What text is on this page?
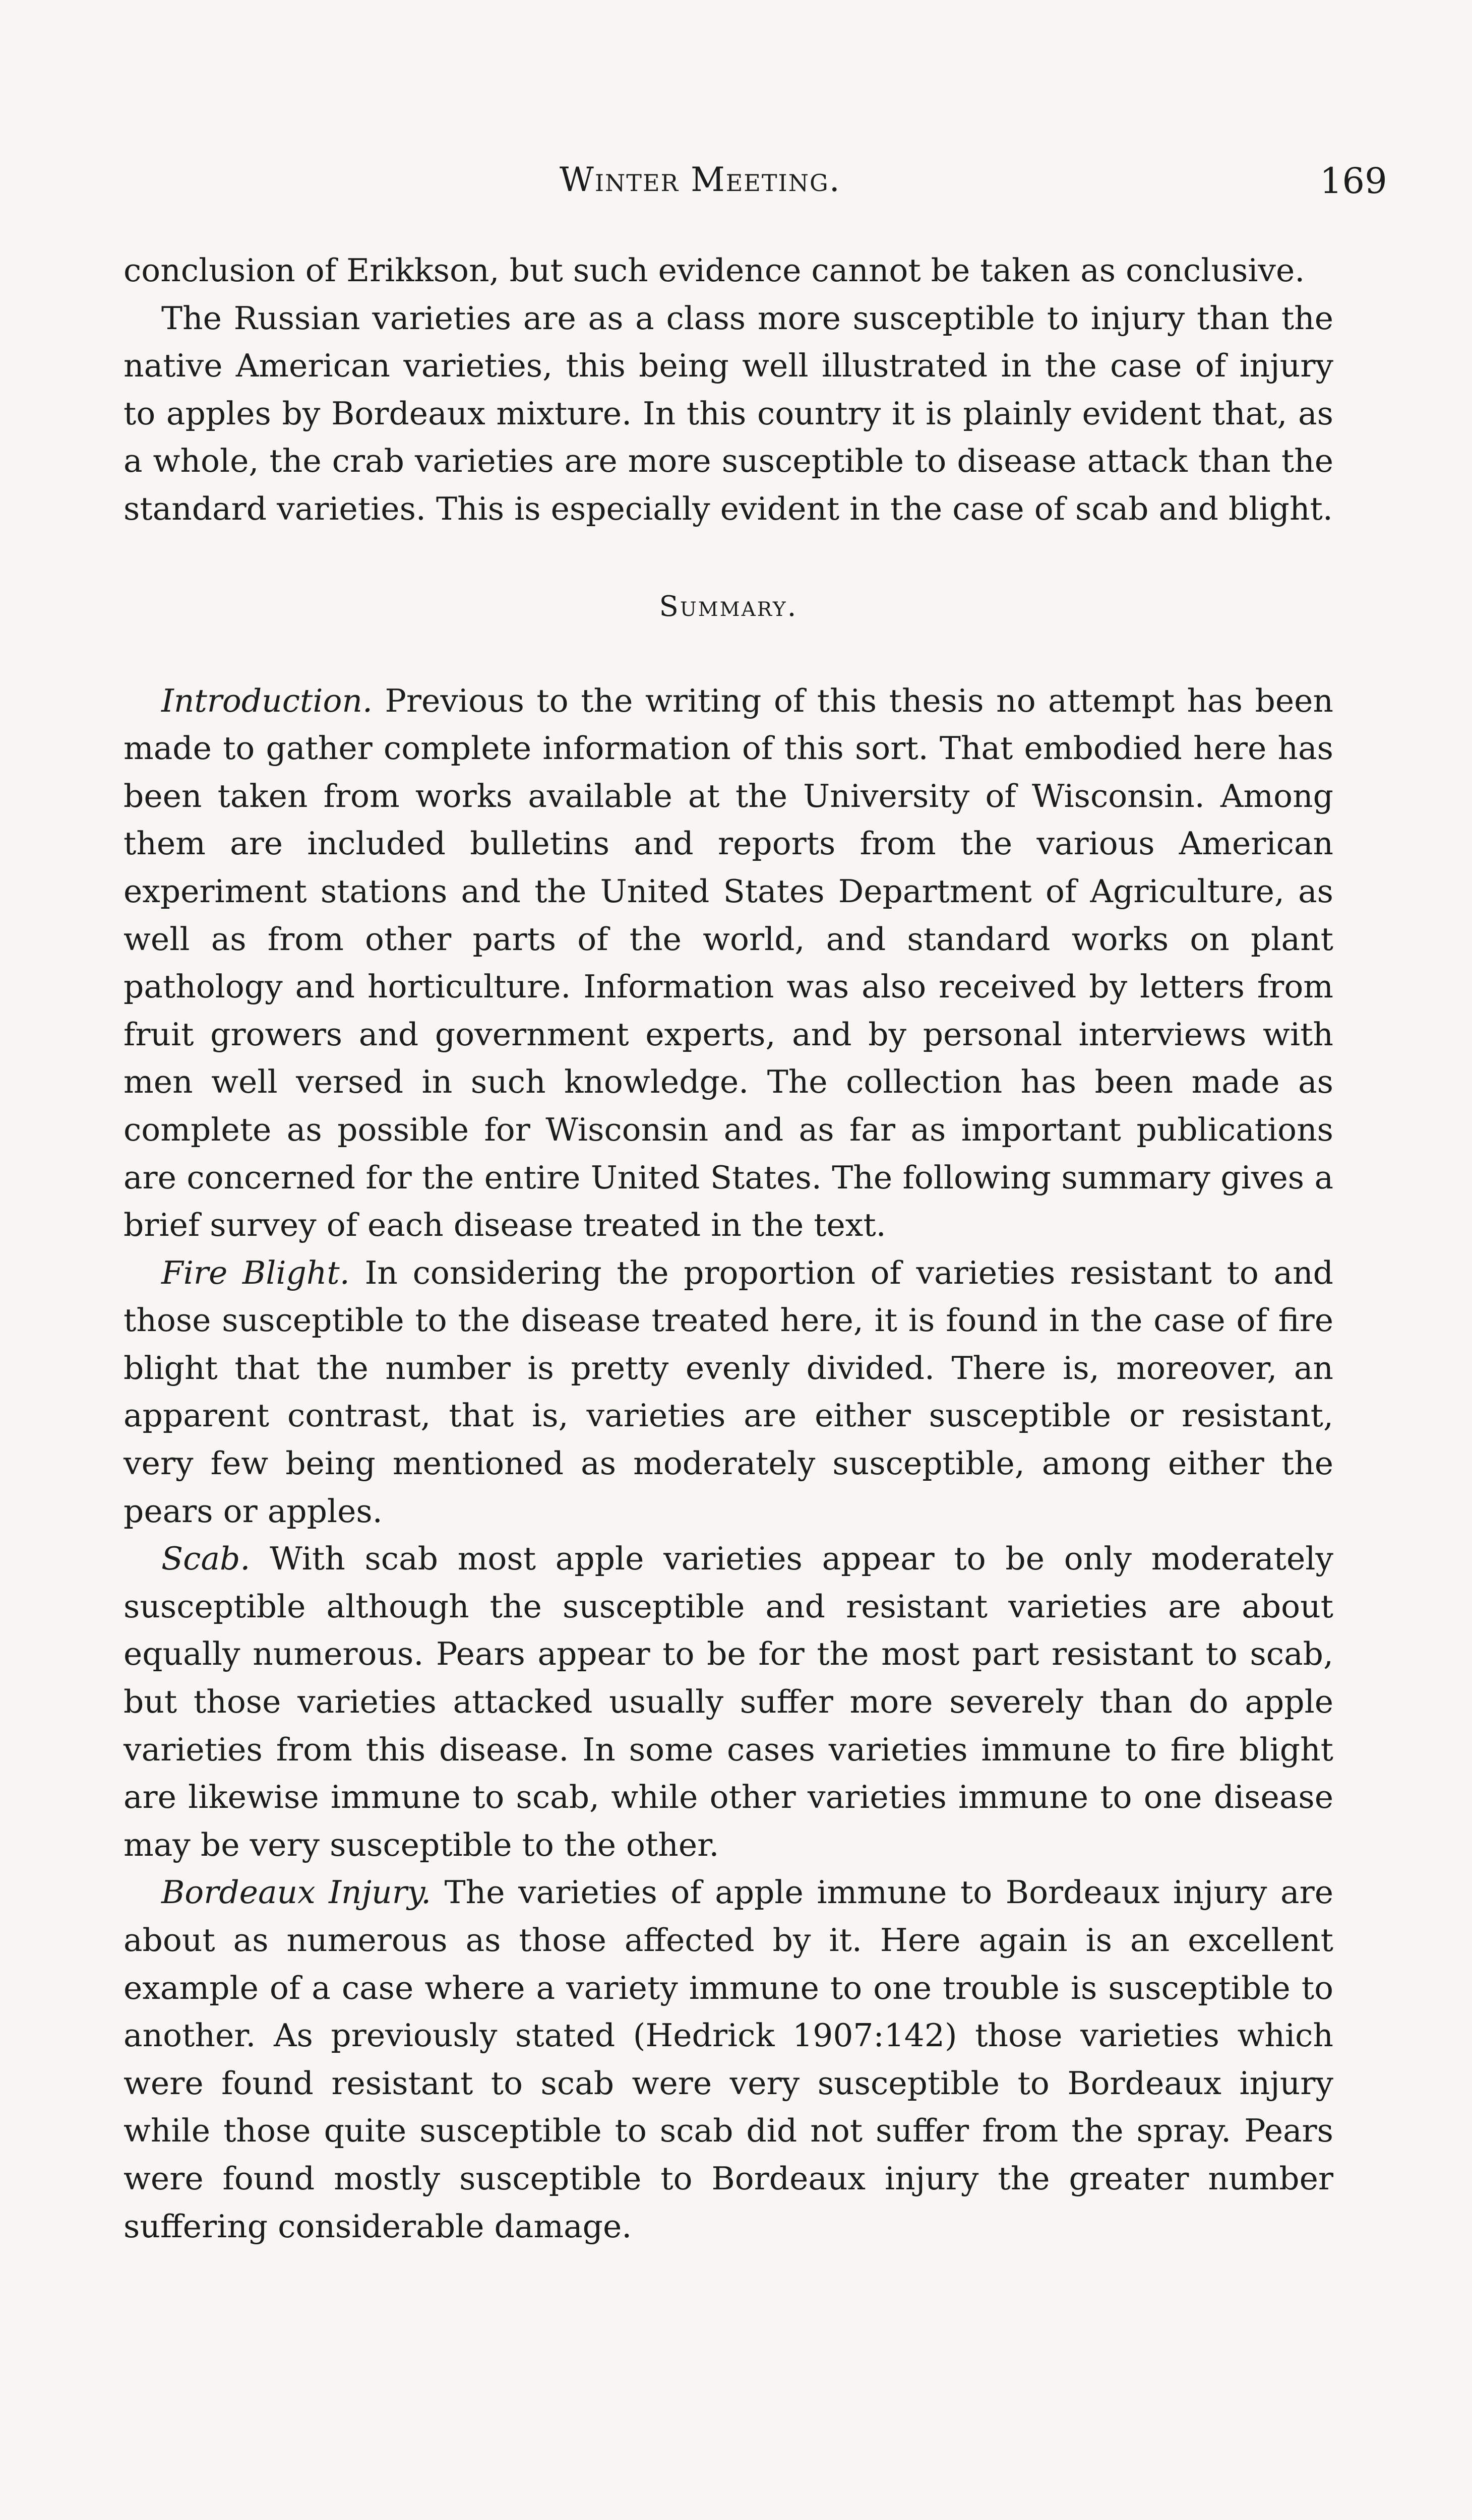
Winter Meeting.	169

conclusion of Erikkson, but such evidence cannot be taken as conclusive.

The Russian varieties are as a class more susceptible to injury than the native American varieties, this being well illustrated in the case of injury to apples by Bordeaux mixture. In this country it is plainly evident that, as a whole, the crab varieties are more susceptible to disease attack than the standard varieties. This is especially evident in the case of scab and blight.

Summary.

Introduction. Previous to the writing of this thesis no attempt has been made to gather complete information of this sort. That embodied here has been taken from works available at the University of Wisconsin. Among them are included bulletins and reports from the various American experiment stations and the United States Department of Agriculture, as well as from other parts of the world, and standard works on plant pathology and horticulture. Information was also received by letters from fruit growers and government experts, and by personal interviews with men well versed in such knowledge. The collection has been made as complete as possible for Wisconsin and as far as important publications are concerned for the entire United States. The following summary gives a brief survey of each disease treated in the text.

Fire Blight. In considering the proportion of varieties resistant to and those susceptible to the disease treated here, it is found in the case of fire blight that the number is pretty evenly divided. There is, moreover, an apparent contrast, that is, varieties are either susceptible or resistant, very few being mentioned as moderately susceptible, among either the pears or apples.

Scab. With scab most apple varieties appear to be only moderately susceptible although the susceptible and resistant varieties are about equally numerous. Pears appear to be for the most part resistant to scab, but those varieties attacked usually suffer more severely than do apple varieties from this disease. In some cases varieties immune to fire blight are likewise immune to scab, while other varieties immune to one disease may be very susceptible to the other.

Bordeaux Injury. The varieties of apple immune to Bordeaux injury are about as numerous as those affected by it. Here again is an excellent example of a case where a variety immune to one trouble is susceptible to another. As previously stated (Hedrick 1907:142) those varieties which were found resistant to scab were very susceptible to Bordeaux injury while those quite susceptible to scab did not suffer from the spray. Pears were found mostly susceptible to Bordeaux injury the greater number suffering considerable damage.
